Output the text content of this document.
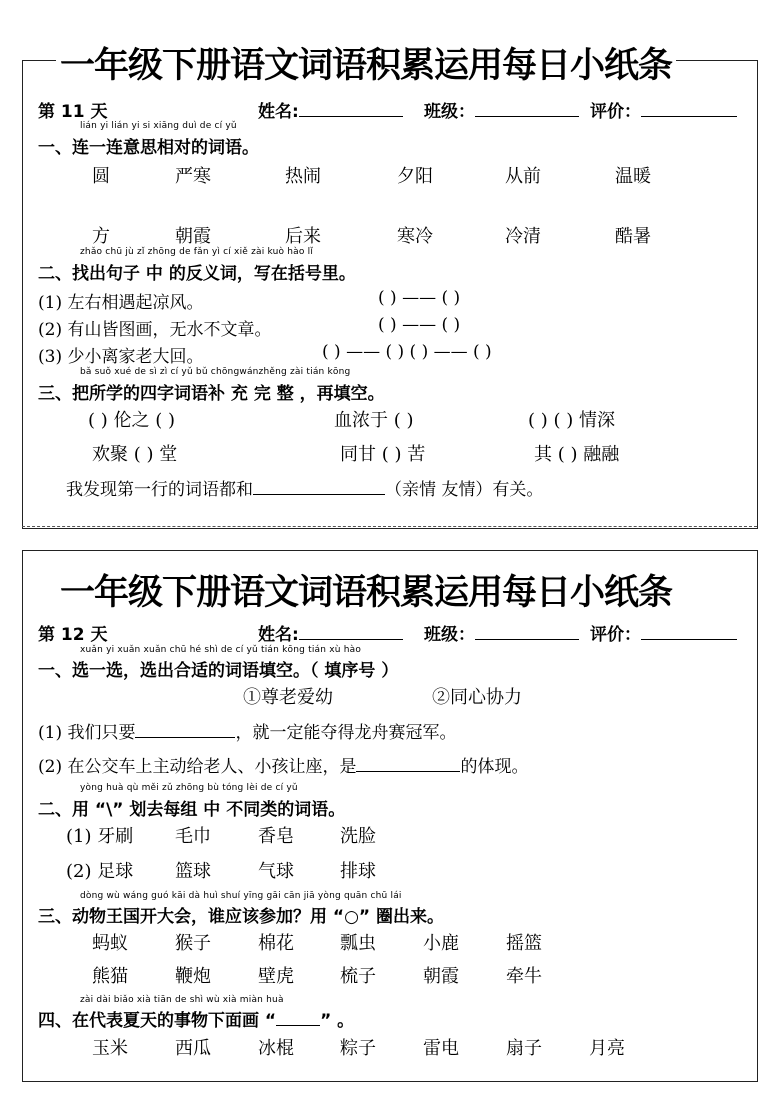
一年级下册语文词语积累运用每日小纸条
第 11 天	姓名:	班级：	评价：
lián yi lián yi si xiāng duì de cí yǔ
一、连一连意思相对的词语。
圆	严寒	热闹	夕阳	从前	温暖
方	朝霞	后来	寒冷	冷清	酷暑
zhǎo chū jù zǐ zhōng de fǎn yì cí xiě zài kuò hào lǐ
二、找出句子 中 的反义词，写在括号里。
(1) 左右相遇起凉风。	( ) —— ( )
(2) 有山皆图画，无水不文章。	( ) —— ( )
(3) 少小离家老大回。	( ) —— ( ) ( ) —— ( )
bǎ suǒ xué de sì zì cí yǔ bǔ chōngwánzhěng zài tián kōng
三、把所学的四字词语补 充 完 整 ，再填空。
( ) 伦之 ( )	血浓于 ( )	( ) ( ) 情深
欢聚 ( ) 堂	同甘 ( ) 苦	其 ( ) 融融
我发现第一行的词语都和	（亲情 友情）有关。
一年级下册语文词语积累运用每日小纸条
第 12 天	姓名:	班级：	评价：
xuǎn yi xuǎn xuǎn chū hé shì de cí yǔ tián kōng tián xù hào
一、选一选，选出合适的词语填空。（ 填序号 ）
①尊老爱幼	②同心协力
(1) 我们只要	，就一定能夺得龙舟赛冠军。
(2) 在公交车上主动给老人、小孩让座，是	的体现。
yòng huà qù měi zǔ zhōng bù tóng lèi de cí yǔ
二、用 “\” 划去每组 中 不同类的词语。
(1) 牙刷 毛巾	香皂	洗脸
(2) 足球 篮球	气球	排球
dòng wù wáng guó kāi dà huì shuí yīng gāi cān jiā yòng quān chū lái
三、动物王国开大会，谁应该参加？用 “○” 圈出来。
蚂蚁	猴子	棉花	瓢虫	小鹿	摇篮
熊猫	鞭炮	壁虎	梳子	朝霞	牵牛
zài dài biǎo xià tiān de shì wù xià miàn huà
四、在代表夏天的事物下面画 “	” 。
玉米	西瓜	冰棍	粽子	雷电	扇子	月亮
